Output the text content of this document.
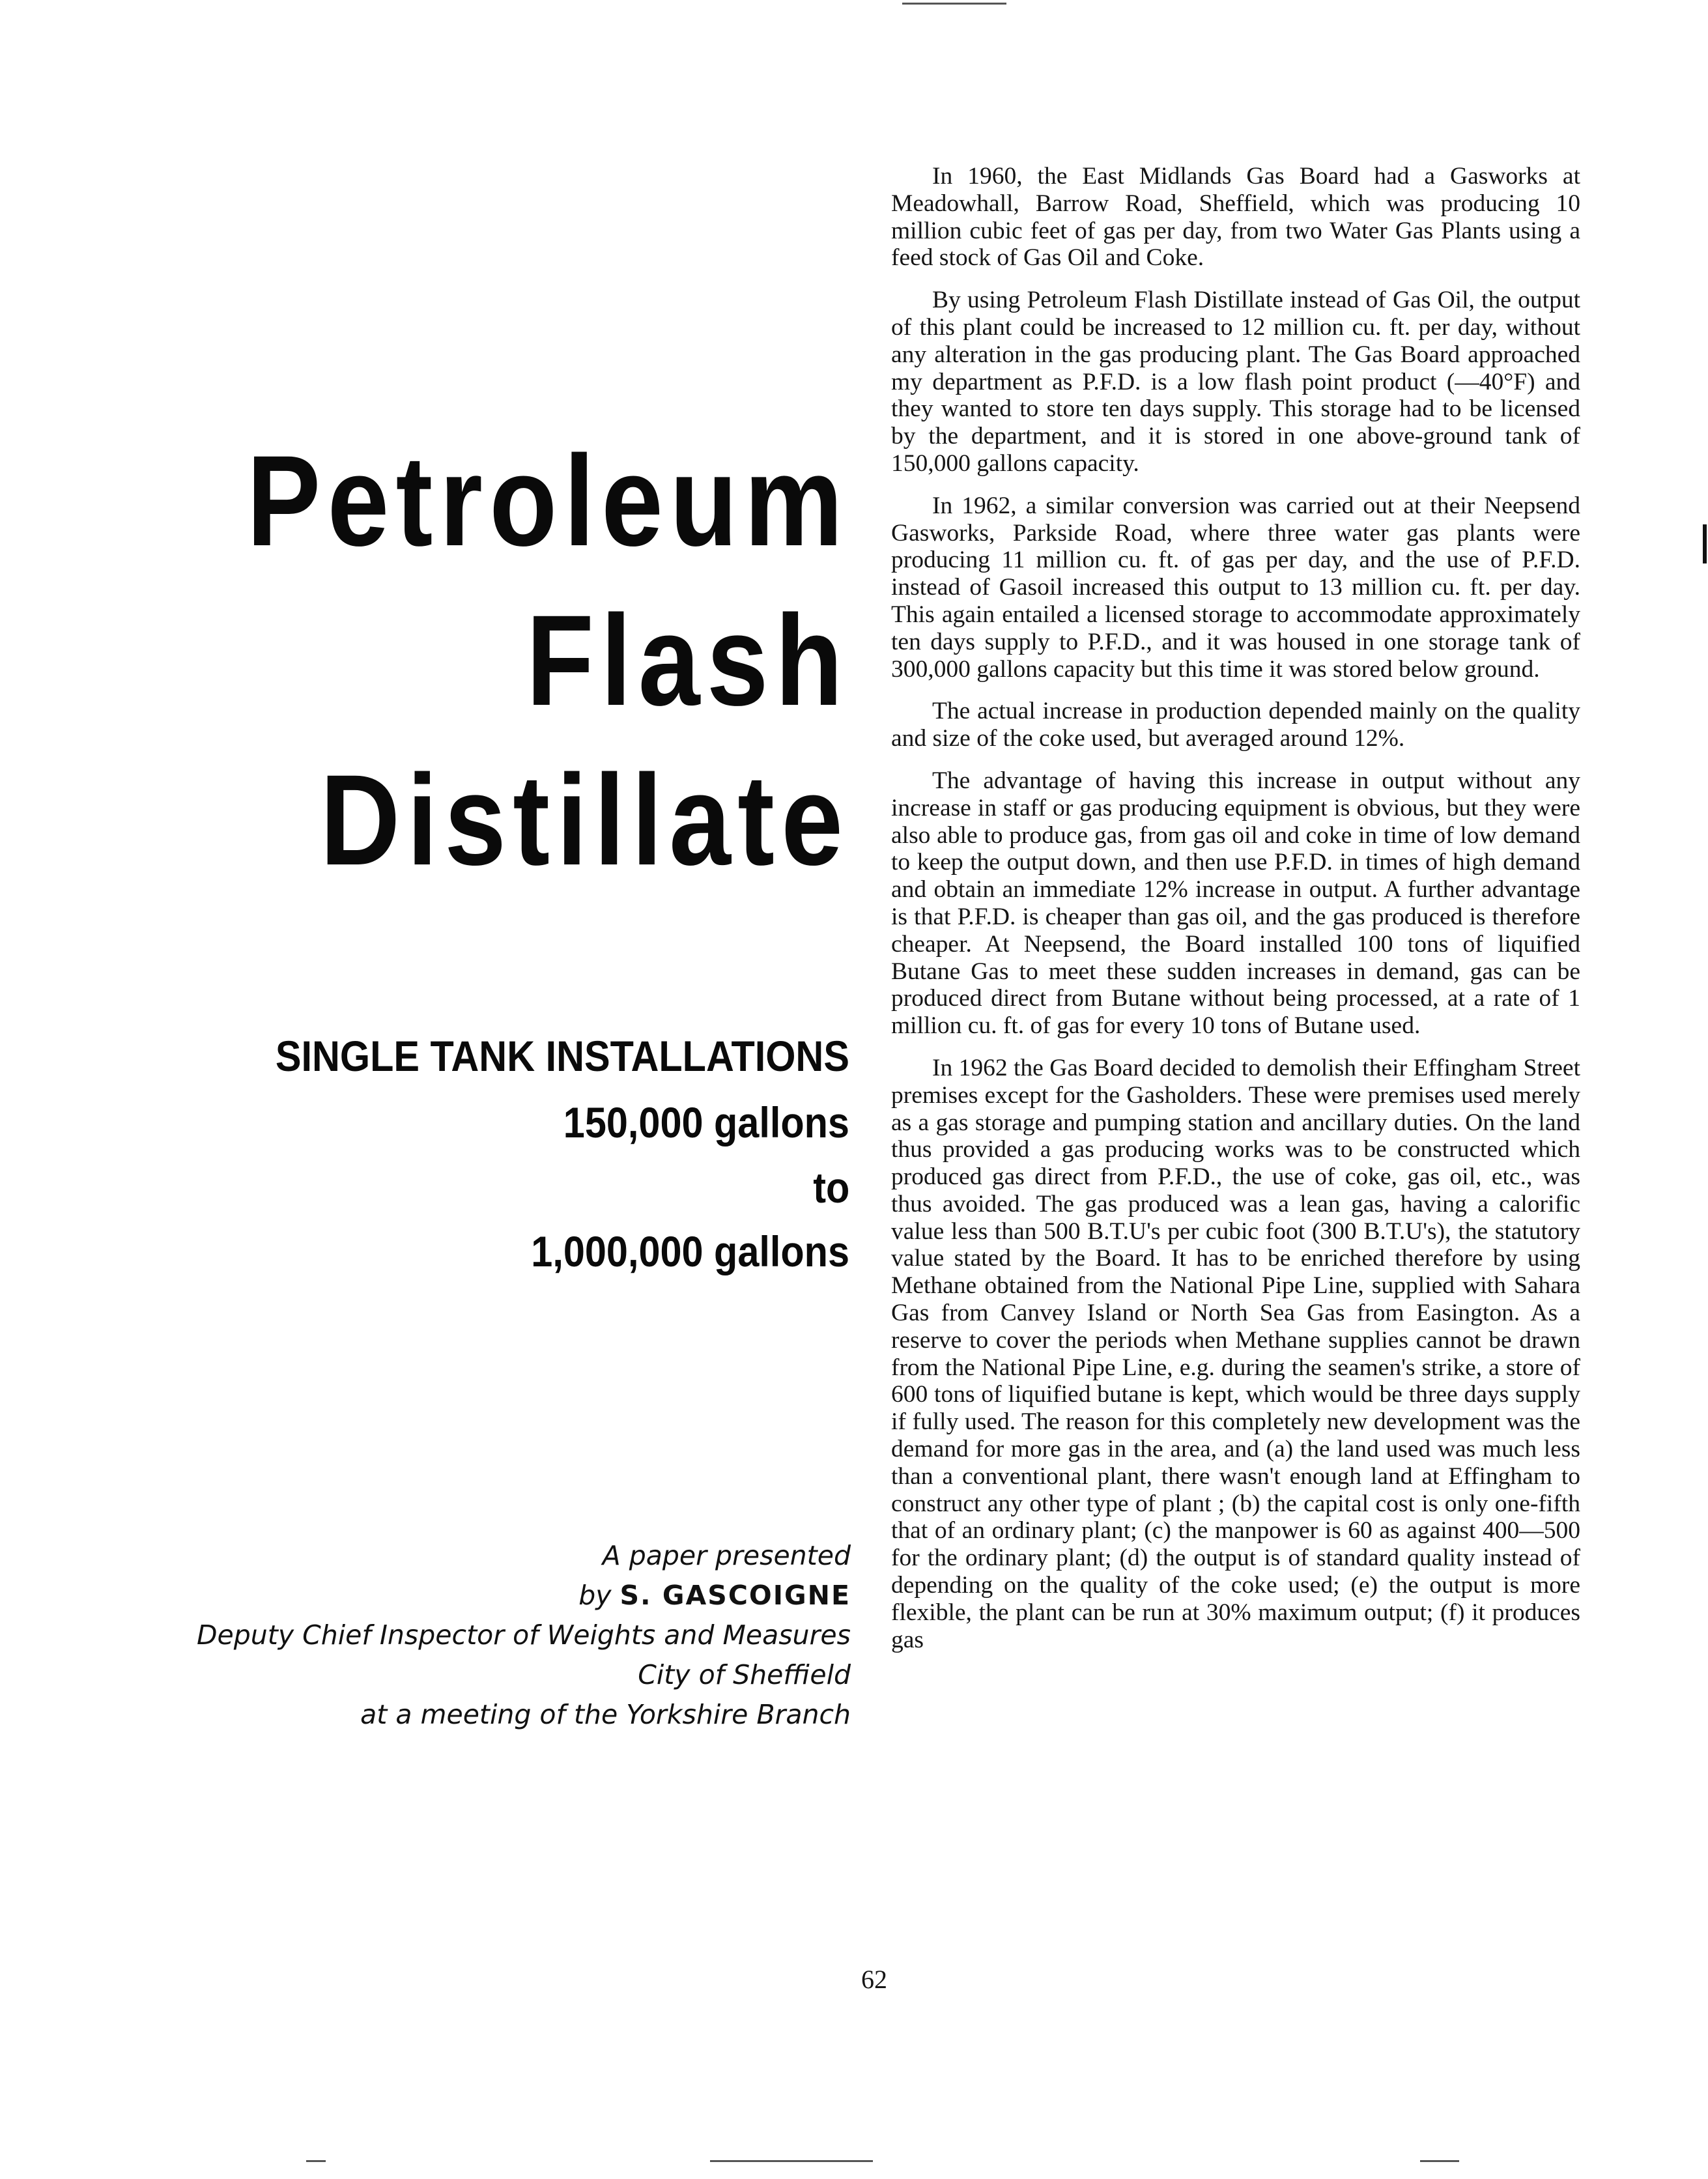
Petroleum
Flash
Distillate
SINGLE TANK INSTALLATIONS
150,000 gallons
to
1,000,000 gallons
A paper presented
by S. GASCOIGNE
Deputy Chief Inspector of Weights and Measures
City of Sheffield
at a meeting of the Yorkshire Branch

In 1960, the East Midlands Gas Board had a Gasworks at Meadowhall, Barrow Road, Sheffield, which was producing 10 million cubic feet of gas per day, from two Water Gas Plants using a feed stock of Gas Oil and Coke.

By using Petroleum Flash Distillate instead of Gas Oil, the output of this plant could be increased to 12 million cu. ft. per day, without any alteration in the gas producing plant. The Gas Board approached my department as P.F.D. is a low flash point product (—40°F) and they wanted to store ten days supply. This storage had to be licensed by the department, and it is stored in one above-ground tank of 150,000 gallons capacity.

In 1962, a similar conversion was carried out at their Neepsend Gasworks, Parkside Road, where three water gas plants were producing 11 million cu. ft. of gas per day, and the use of P.F.D. instead of Gasoil increased this output to 13 million cu. ft. per day. This again entailed a licensed storage to accommodate approximately ten days supply to P.F.D., and it was housed in one storage tank of 300,000 gallons capacity but this time it was stored below ground.

The actual increase in production depended mainly on the quality and size of the coke used, but averaged around 12%.

The advantage of having this increase in output without any increase in staff or gas producing equipment is obvious, but they were also able to produce gas, from gas oil and coke in time of low demand to keep the output down, and then use P.F.D. in times of high demand and obtain an immediate 12% increase in output. A further advantage is that P.F.D. is cheaper than gas oil, and the gas produced is therefore cheaper. At Neepsend, the Board installed 100 tons of liquified Butane Gas to meet these sudden increases in demand, gas can be produced direct from Butane without being processed, at a rate of 1 million cu. ft. of gas for every 10 tons of Butane used.

In 1962 the Gas Board decided to demolish their Effingham Street premises except for the Gasholders. These were premises used merely as a gas storage and pumping station and ancillary duties. On the land thus provided a gas producing works was to be constructed which produced gas direct from P.F.D., the use of coke, gas oil, etc., was thus avoided. The gas produced was a lean gas, having a calorific value less than 500 B.T.U's per cubic foot (300 B.T.U's), the statutory value stated by the Board. It has to be enriched therefore by using Methane obtained from the National Pipe Line, supplied with Sahara Gas from Canvey Island or North Sea Gas from Easington. As a reserve to cover the periods when Methane supplies cannot be drawn from the National Pipe Line, e.g. during the seamen's strike, a store of 600 tons of liquified butane is kept, which would be three days supply if fully used. The reason for this completely new development was the demand for more gas in the area, and (a) the land used was much less than a conventional plant, there wasn't enough land at Effingham to construct any other type of plant ; (b) the capital cost is only one-fifth that of an ordinary plant; (c) the manpower is 60 as against 400—500 for the ordinary plant; (d) the output is of standard quality instead of depending on the quality of the coke used; (e) the output is more flexible, the plant can be run at 30% maximum output; (f) it produces gas

62
